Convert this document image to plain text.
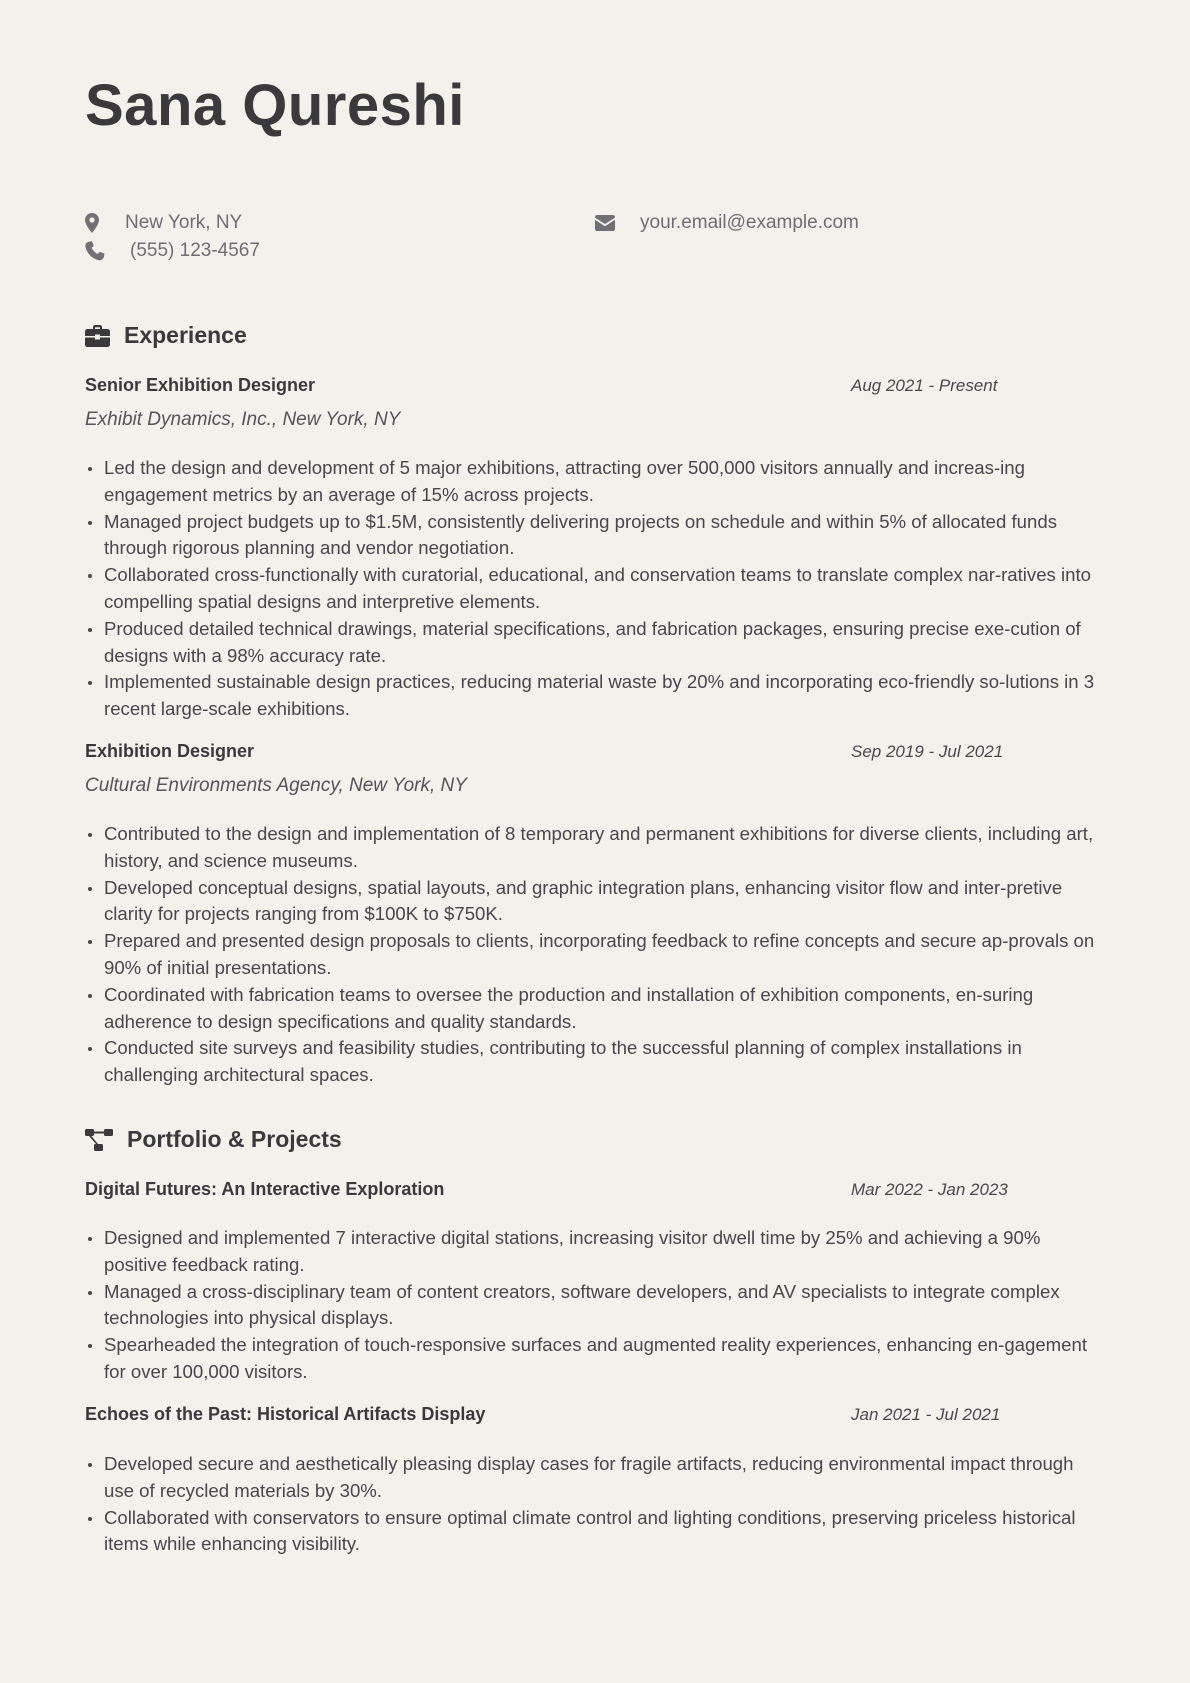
Sana Qureshi
New York, NY
(555) 123-4567
your.email@example.com
Experience
Senior Exhibition Designer	Aug 2021 - Present
Exhibit Dynamics, Inc., New York, NY
Led the design and development of 5 major exhibitions, attracting over 500,000 visitors annually and increas-ing engagement metrics by an average of 15% across projects.
Managed project budgets up to $1.5M, consistently delivering projects on schedule and within 5% of allocated funds through rigorous planning and vendor negotiation.
Collaborated cross-functionally with curatorial, educational, and conservation teams to translate complex nar-ratives into compelling spatial designs and interpretive elements.
Produced detailed technical drawings, material specifications, and fabrication packages, ensuring precise exe-cution of designs with a 98% accuracy rate.
Implemented sustainable design practices, reducing material waste by 20% and incorporating eco-friendly so-lutions in 3 recent large-scale exhibitions.
Exhibition Designer	Sep 2019 - Jul 2021
Cultural Environments Agency, New York, NY
Contributed to the design and implementation of 8 temporary and permanent exhibitions for diverse clients, including art, history, and science museums.
Developed conceptual designs, spatial layouts, and graphic integration plans, enhancing visitor flow and inter-pretive clarity for projects ranging from $100K to $750K.
Prepared and presented design proposals to clients, incorporating feedback to refine concepts and secure ap-provals on 90% of initial presentations.
Coordinated with fabrication teams to oversee the production and installation of exhibition components, en-suring adherence to design specifications and quality standards.
Conducted site surveys and feasibility studies, contributing to the successful planning of complex installations in challenging architectural spaces.
Portfolio & Projects
Digital Futures: An Interactive Exploration	Mar 2022 - Jan 2023
Designed and implemented 7 interactive digital stations, increasing visitor dwell time by 25% and achieving a 90% positive feedback rating.
Managed a cross-disciplinary team of content creators, software developers, and AV specialists to integrate complex technologies into physical displays.
Spearheaded the integration of touch-responsive surfaces and augmented reality experiences, enhancing en-gagement for over 100,000 visitors.
Echoes of the Past: Historical Artifacts Display	Jan 2021 - Jul 2021
Developed secure and aesthetically pleasing display cases for fragile artifacts, reducing environmental impact through use of recycled materials by 30%.
Collaborated with conservators to ensure optimal climate control and lighting conditions, preserving priceless historical items while enhancing visibility.
